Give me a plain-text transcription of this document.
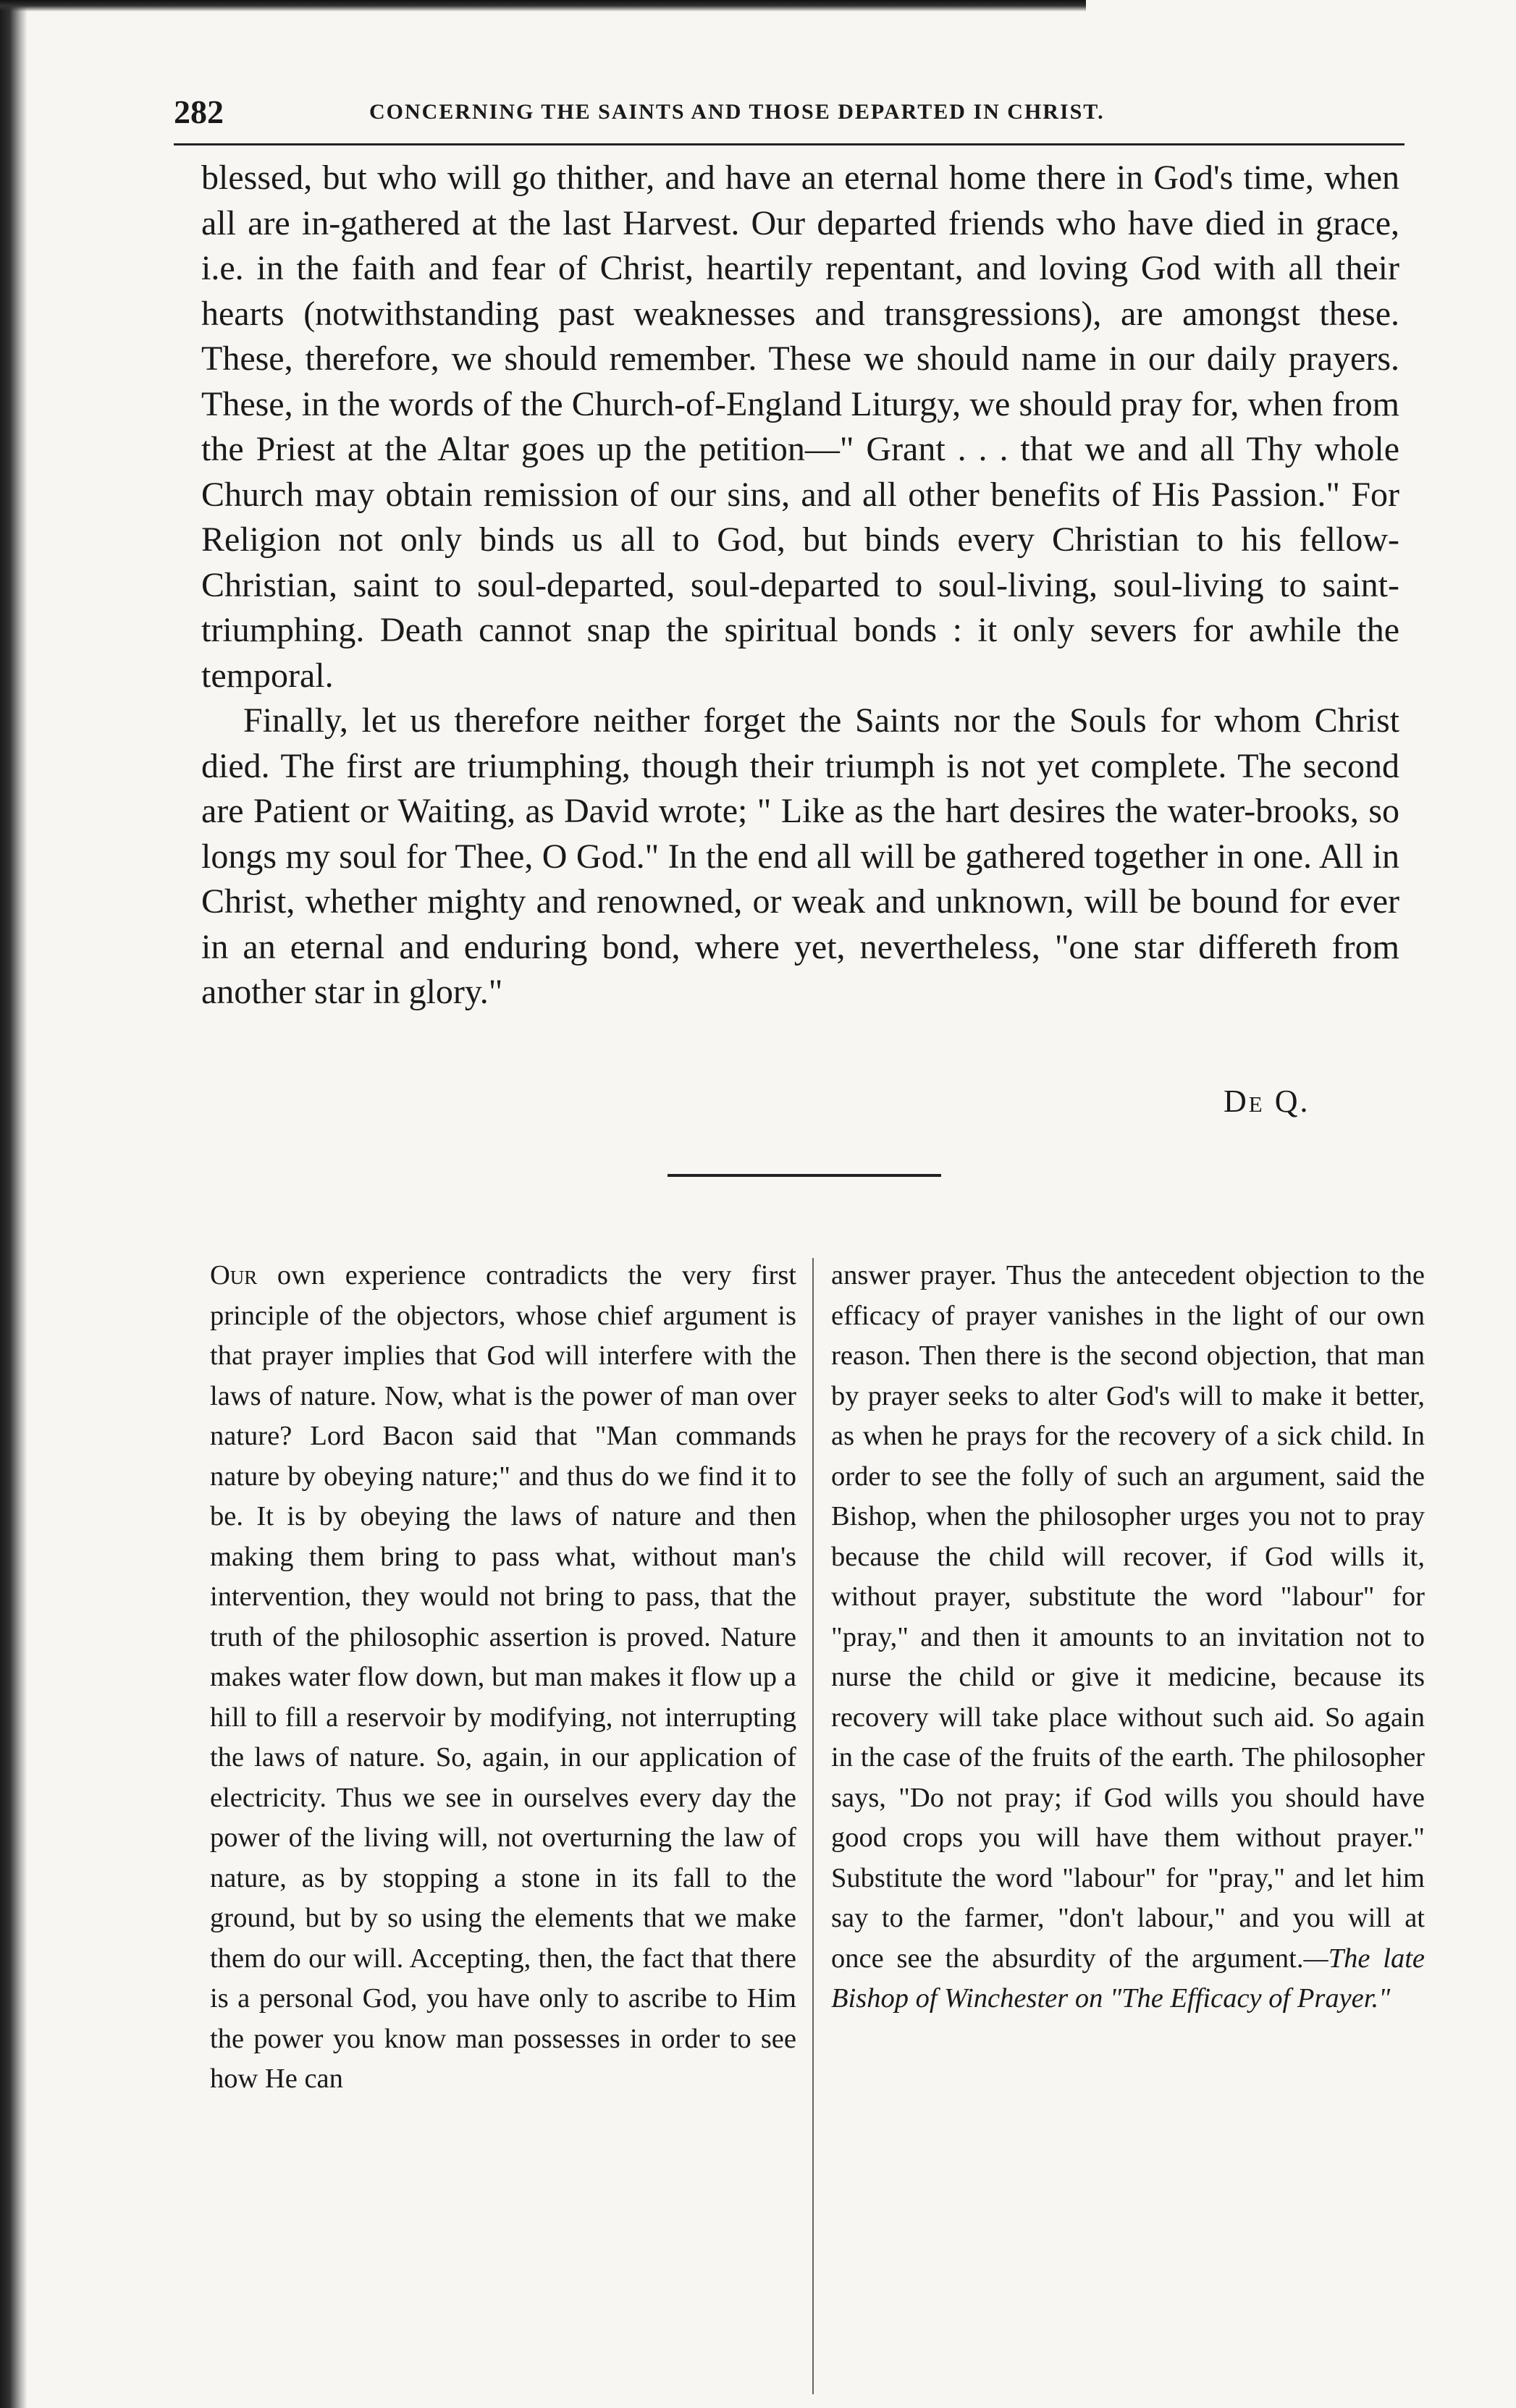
282	CONCERNING THE SAINTS AND THOSE DEPARTED IN CHRIST.

blessed, but who will go thither, and have an eternal home there in God's time, when all are in-gathered at the last Harvest. Our departed friends who have died in grace, i.e. in the faith and fear of Christ, heartily repentant, and loving God with all their hearts (notwithstanding past weaknesses and transgressions), are amongst these. These, therefore, we should remember. These we should name in our daily prayers. These, in the words of the Church-of-England Liturgy, we should pray for, when from the Priest at the Altar goes up the petition—" Grant . . . that we and all Thy whole Church may obtain remission of our sins, and all other benefits of His Passion." For Religion not only binds us all to God, but binds every Christian to his fellow-Christian, saint to soul-departed, soul-departed to soul-living, soul-living to saint-triumphing. Death cannot snap the spiritual bonds : it only severs for awhile the temporal.

Finally, let us therefore neither forget the Saints nor the Souls for whom Christ died. The first are triumphing, though their triumph is not yet complete. The second are Patient or Waiting, as David wrote; " Like as the hart desires the water-brooks, so longs my soul for Thee, O God." In the end all will be gathered together in one. All in Christ, whether mighty and renowned, or weak and unknown, will be bound for ever in an eternal and enduring bond, where yet, nevertheless, "one star differeth from another star in glory."

De Q.

Our own experience contradicts the very first principle of the objectors, whose chief argument is that prayer implies that God will interfere with the laws of nature. Now, what is the power of man over nature? Lord Bacon said that "Man commands nature by obeying nature;" and thus do we find it to be. It is by obeying the laws of nature and then making them bring to pass what, without man's intervention, they would not bring to pass, that the truth of the philosophic assertion is proved. Nature makes water flow down, but man makes it flow up a hill to fill a reservoir by modifying, not interrupting the laws of nature. So, again, in our application of electricity. Thus we see in ourselves every day the power of the living will, not overturning the law of nature, as by stopping a stone in its fall to the ground, but by so using the elements that we make them do our will. Accepting, then, the fact that there is a personal God, you have only to ascribe to Him the power you know man possesses in order to see how He can

answer prayer. Thus the antecedent objection to the efficacy of prayer vanishes in the light of our own reason. Then there is the second objection, that man by prayer seeks to alter God's will to make it better, as when he prays for the recovery of a sick child. In order to see the folly of such an argument, said the Bishop, when the philosopher urges you not to pray because the child will recover, if God wills it, without prayer, substitute the word "labour" for "pray," and then it amounts to an invitation not to nurse the child or give it medicine, because its recovery will take place without such aid. So again in the case of the fruits of the earth. The philosopher says, "Do not pray; if God wills you should have good crops you will have them without prayer." Substitute the word "labour" for "pray," and let him say to the farmer, "don't labour," and you will at once see the absurdity of the argument.—The late Bishop of Winchester on "The Efficacy of Prayer."
